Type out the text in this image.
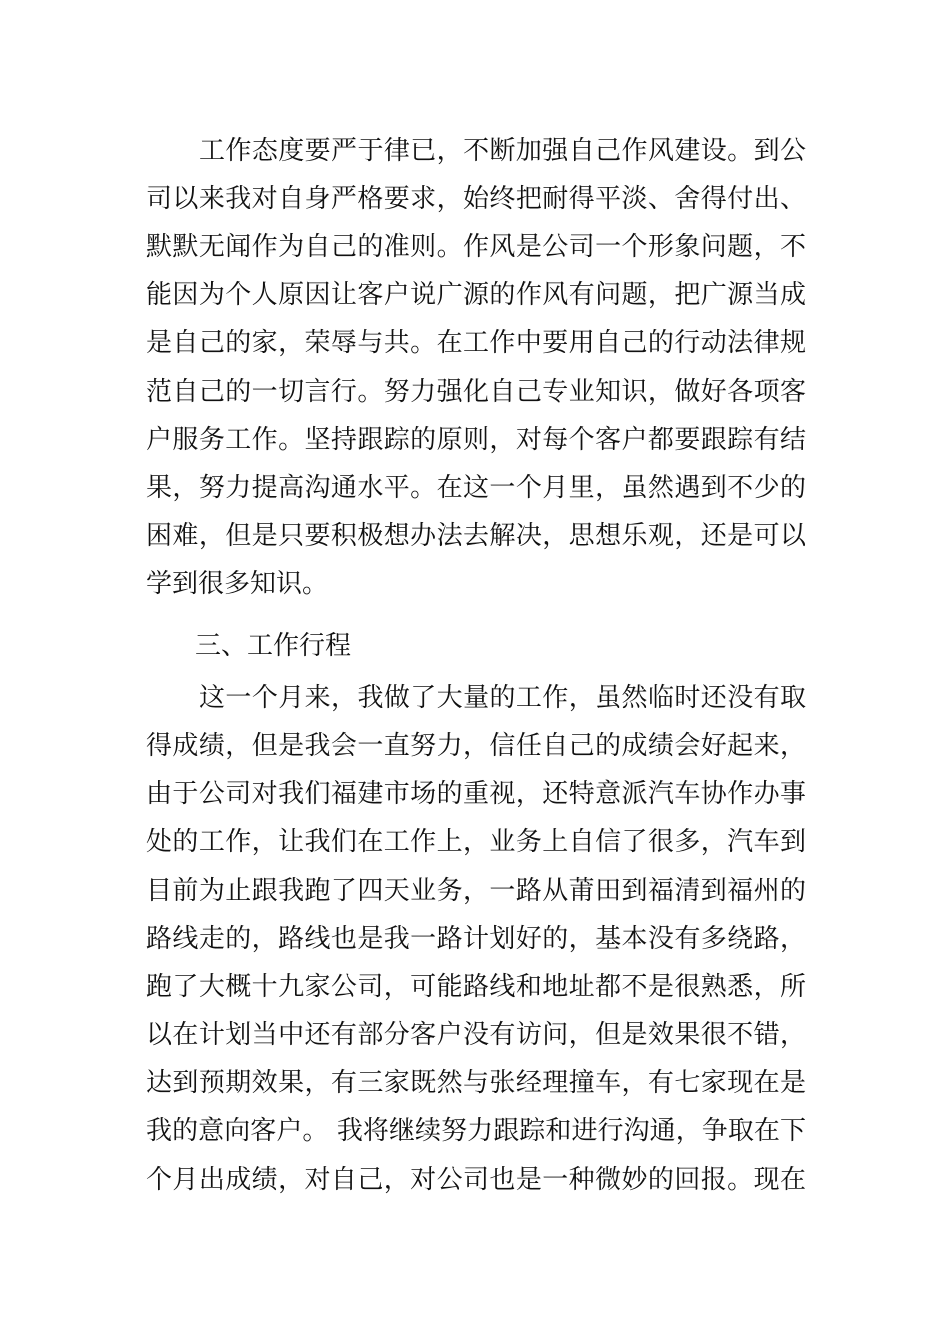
工作态度要严于律已，不断加强自己作风建设。到公
司以来我对自身严格要求，始终把耐得平淡、舍得付出、
默默无闻作为自己的准则。作风是公司一个形象问题，不
能因为个人原因让客户说广源的作风有问题，把广源当成
是自己的家，荣辱与共。在工作中要用自己的行动法律规
范自己的一切言行。努力强化自己专业知识，做好各项客
户服务工作。坚持跟踪的原则，对每个客户都要跟踪有结
果，努力提高沟通水平。在这一个月里，虽然遇到不少的
困难，但是只要积极想办法去解决，思想乐观，还是可以
学到很多知识。
三、工作行程
这一个月来，我做了大量的工作，虽然临时还没有取
得成绩，但是我会一直努力，信任自己的成绩会好起来，
由于公司对我们福建市场的重视，还特意派汽车协作办事
处的工作，让我们在工作上，业务上自信了很多，汽车到
目前为止跟我跑了四天业务，一路从莆田到福清到福州的
路线走的，路线也是我一路计划好的，基本没有多绕路，
跑了大概十九家公司，可能路线和地址都不是很熟悉，所
以在计划当中还有部分客户没有访问，但是效果很不错，
达到预期效果，有三家既然与张经理撞车，有七家现在是
我的意向客户。 我将继续努力跟踪和进行沟通，争取在下
个月出成绩，对自己，对公司也是一种微妙的回报。现在
